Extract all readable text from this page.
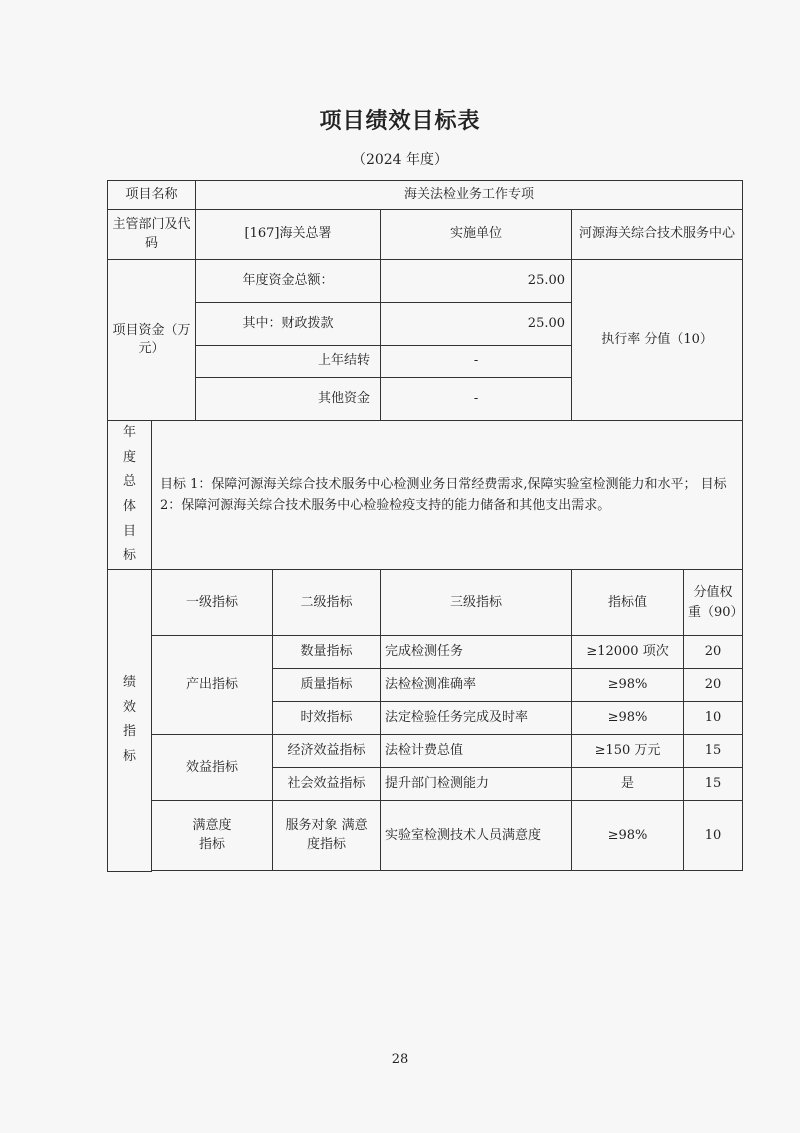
项目绩效目标表
（2024 年度）
项目名称		海关法检业务工作专项				
主管部门及代码		[167]海关总署		实施单位	河源海关综合技术服务中心	
项目资金（万元）		年度资金总额：		25.00	执行率 分值（10）	
		其中：财政拨款		25.00		
		上年结转		-		
		其他资金		-		
年度总体目标	目标 1：保障河源海关综合技术服务中心检测业务日常经费需求,保障实验室检测能力和水平； 目标 2：保障河源海关综合技术服务中心检验检疫支持的能力储备和其他支出需求。					
绩效指标	一级指标		二级指标	三级指标	指标值	分值权重（90）
	产出指标		数量指标	完成检测任务	≥12000 项次	20
			质量指标	法检检测准确率	≥98%	20
			时效指标	法定检验任务完成及时率	≥98%	10
	效益指标		经济效益指标	法检计费总值	≥150 万元	15
			社会效益指标	提升部门检测能力	是	15
	满意度指标		服务对象 满意度指标	实验室检测技术人员满意度	≥98%	10

28
